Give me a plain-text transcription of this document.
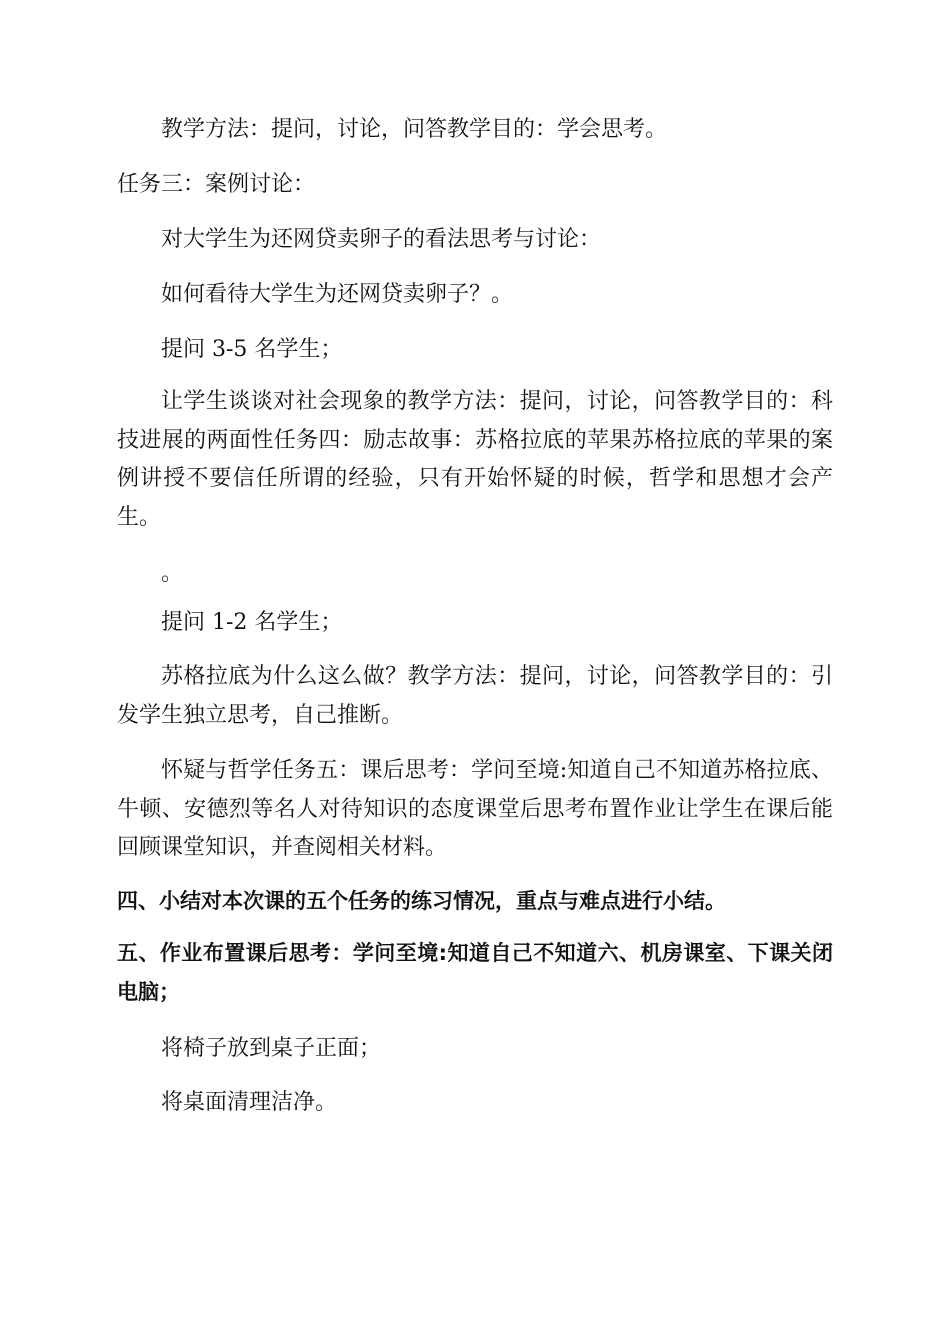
教学方法：提问，讨论，问答教学目的：学会思考。

任务三：案例讨论：

对大学生为还网贷卖卵子的看法思考与讨论：

如何看待大学生为还网贷卖卵子？。

提问 3-5 名学生；

让学生谈谈对社会现象的教学方法：提问，讨论，问答教学目的：科技进展的两面性任务四：励志故事：苏格拉底的苹果苏格拉底的苹果的案例讲授不要信任所谓的经验，只有开始怀疑的时候，哲学和思想才会产生。

。

提问 1-2 名学生；

苏格拉底为什么这么做？教学方法：提问，讨论，问答教学目的：引发学生独立思考，自己推断。

怀疑与哲学任务五：课后思考：学问至境:知道自己不知道苏格拉底、牛顿、安德烈等名人对待知识的态度课堂后思考布置作业让学生在课后能回顾课堂知识，并查阅相关材料。

四、小结对本次课的五个任务的练习情况，重点与难点进行小结。

五、作业布置课后思考：学问至境:知道自己不知道六、机房课室、下课关闭电脑；

将椅子放到桌子正面；

将桌面清理洁净。
